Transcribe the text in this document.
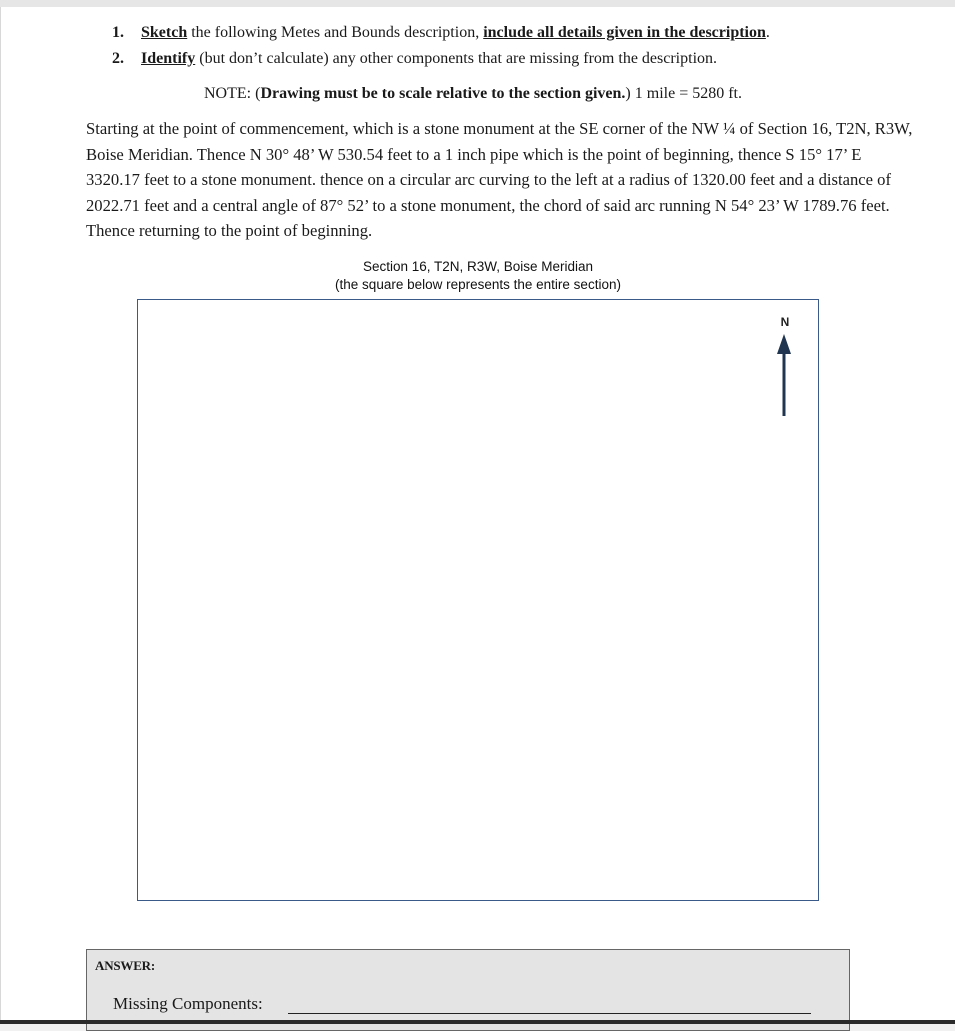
1. Sketch the following Metes and Bounds description, include all details given in the description.
2. Identify (but don’t calculate) any other components that are missing from the description.
NOTE: (Drawing must be to scale relative to the section given.) 1 mile = 5280 ft.

Starting at the point of commencement, which is a stone monument at the SE corner of the NW ¼ of Section 16, T2N, R3W, Boise Meridian. Thence N 30° 48’ W 530.54 feet to a 1 inch pipe which is the point of beginning, thence S 15° 17’ E 3320.17 feet to a stone monument. thence on a circular arc curving to the left at a radius of 1320.00 feet and a distance of 2022.71 feet and a central angle of 87° 52’ to a stone monument, the chord of said arc running N 54° 23’ W 1789.76 feet. Thence returning to the point of beginning.

Section 16, T2N, R3W, Boise Meridian
(the square below represents the entire section)
N
ANSWER:
Missing Components:
